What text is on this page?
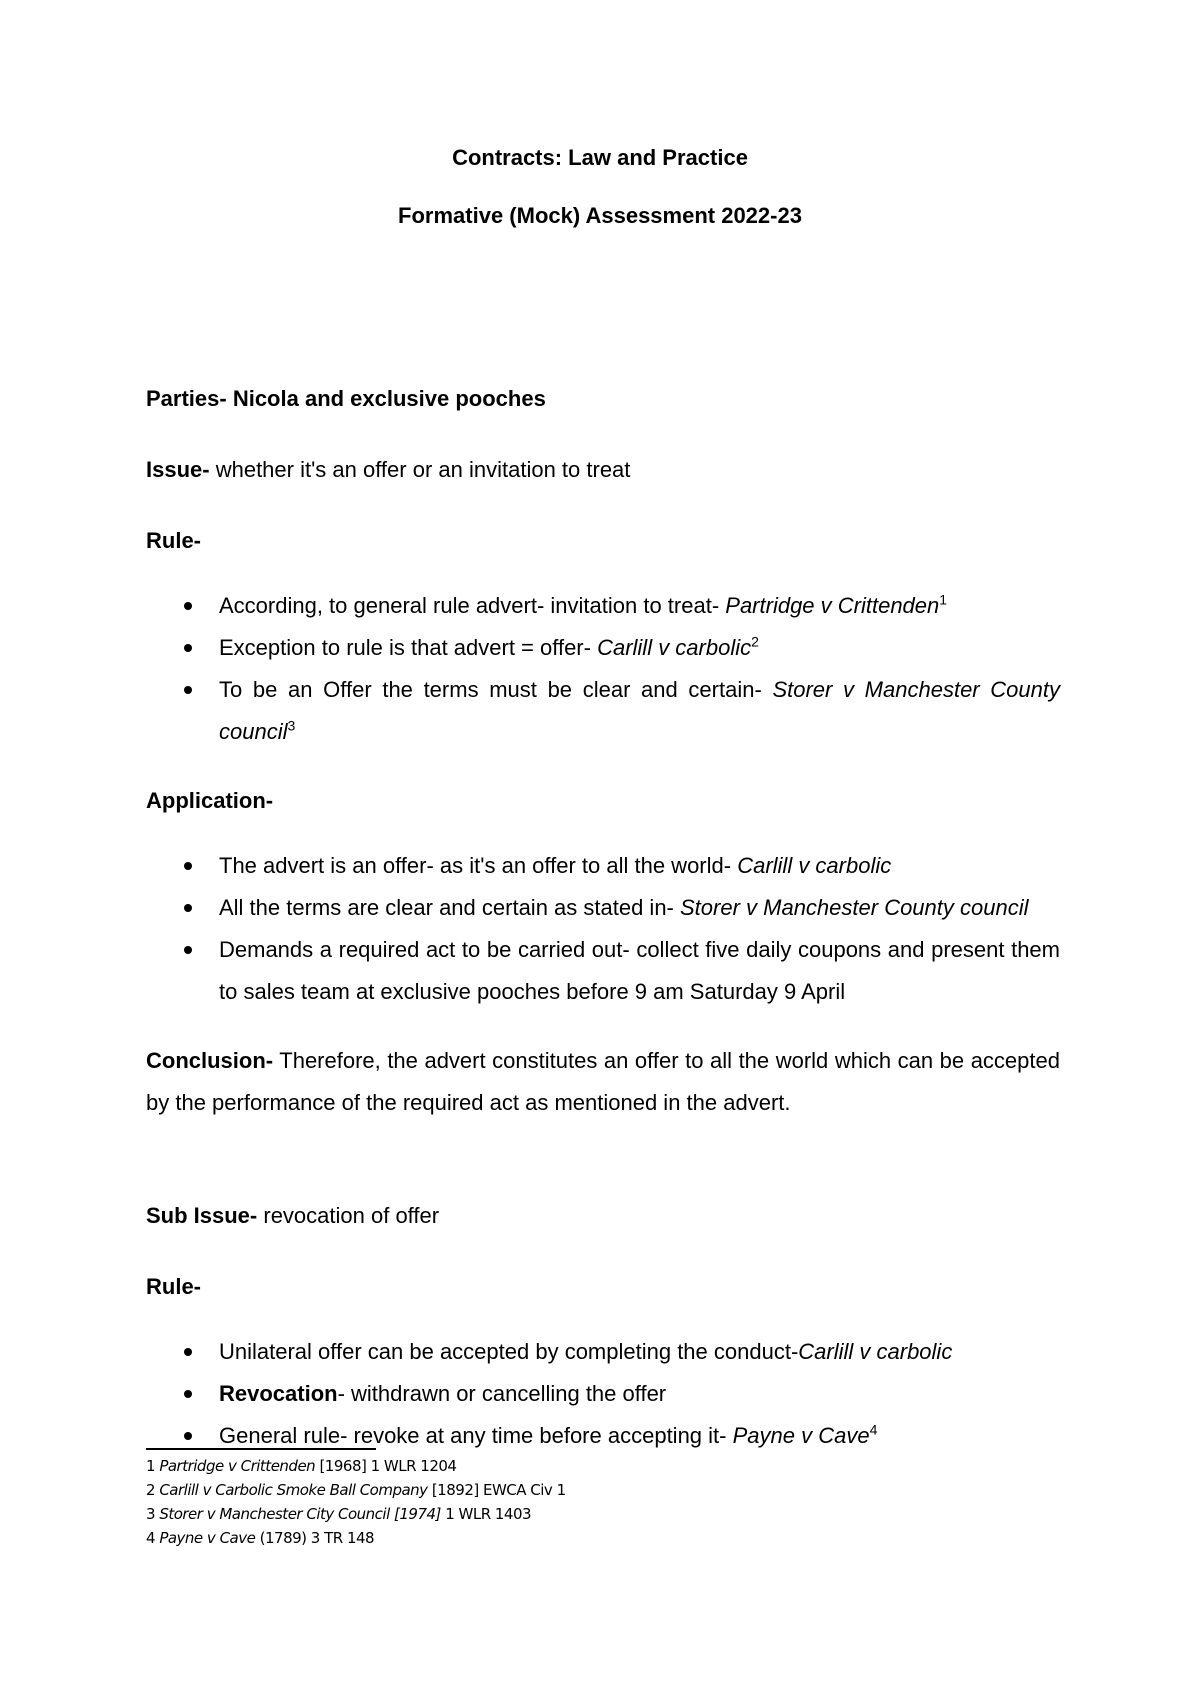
Contracts: Law and Practice

Formative (Mock) Assessment 2022-23

Parties- Nicola and exclusive pooches

Issue- whether it's an offer or an invitation to treat

Rule-

According, to general rule advert- invitation to treat- Partridge v Crittenden$^1$
Exception to rule is that advert = offer- Carlill v carbolic$^2$
To be an Offer the terms must be clear and certain- Storer v Manchester County council$^3$

Application-

The advert is an offer- as it's an offer to all the world- Carlill v carbolic
All the terms are clear and certain as stated in- Storer v Manchester County council
Demands a required act to be carried out- collect five daily coupons and present them to sales team at exclusive pooches before 9 am Saturday 9 April

Conclusion- Therefore, the advert constitutes an offer to all the world which can be accepted by the performance of the required act as mentioned in the advert.

Sub Issue- revocation of offer

Rule-

Unilateral offer can be accepted by completing the conduct-Carlill v carbolic
Revocation- withdrawn or cancelling the offer
General rule- revoke at any time before accepting it- Payne v Cave$^4$

1 Partridge v Crittenden [1968] 1 WLR 1204

2 Carlill v Carbolic Smoke Ball Company [1892] EWCA Civ 1

3 Storer v Manchester City Council [1974] 1 WLR 1403

4 Payne v Cave (1789) 3 TR 148
